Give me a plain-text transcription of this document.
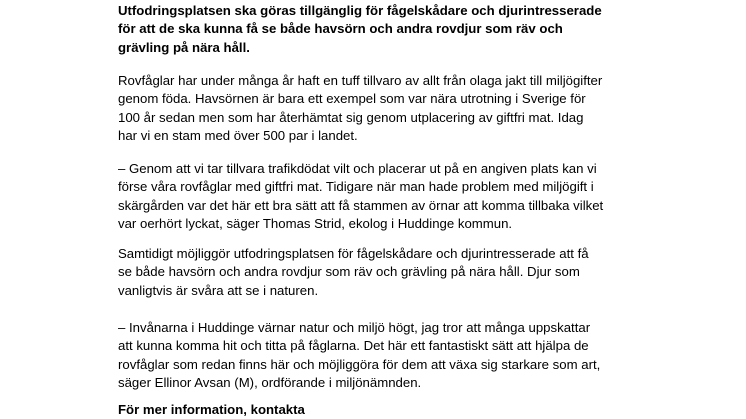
Utfodringsplatsen ska göras tillgänglig för fågelskådare och djurintresserade
för att de ska kunna få se både havsörn och andra rovdjur som räv och
grävling på nära håll.

Rovfåglar har under många år haft en tuff tillvaro av allt från olaga jakt till miljögifter
genom föda. Havsörnen är bara ett exempel som var nära utrotning i Sverige för
100 år sedan men som har återhämtat sig genom utplacering av giftfri mat. Idag
har vi en stam med över 500 par i landet.

– Genom att vi tar tillvara trafikdödat vilt och placerar ut på en angiven plats kan vi
förse våra rovfåglar med giftfri mat. Tidigare när man hade problem med miljögift i
skärgården var det här ett bra sätt att få stammen av örnar att komma tillbaka vilket
var oerhört lyckat, säger Thomas Strid, ekolog i Huddinge kommun.

Samtidigt möjliggör utfodringsplatsen för fågelskådare och djurintresserade att få
se både havsörn och andra rovdjur som räv och grävling på nära håll. Djur som
vanligtvis är svåra att se i naturen.

– Invånarna i Huddinge värnar natur och miljö högt, jag tror att många uppskattar
att kunna komma hit och titta på fåglarna. Det här ett fantastiskt sätt att hjälpa de
rovfåglar som redan finns här och möjliggöra för dem att växa sig starkare som art,
säger Ellinor Avsan (M), ordförande i miljönämnden.

För mer information, kontakta
